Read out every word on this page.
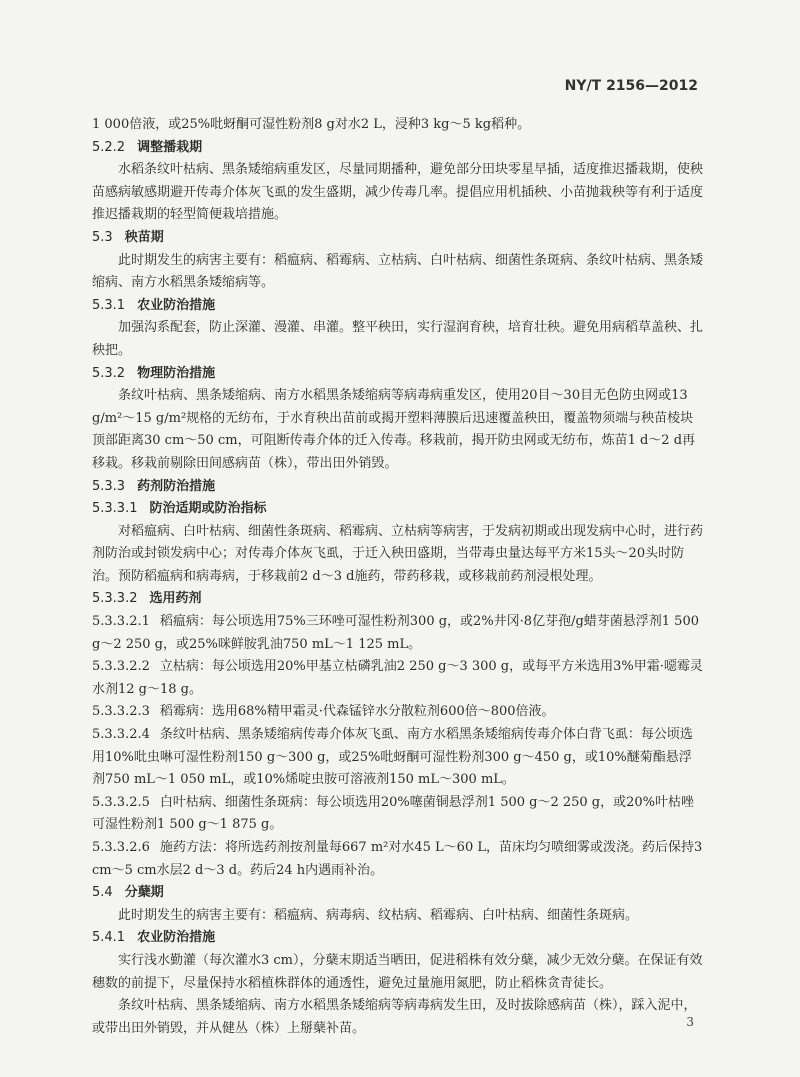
NY/T 2156—2012
1 000倍液，或25%吡蚜酮可湿性粉剂8 g对水2 L，浸种3 kg～5 kg稻种。
5.2.2 调整播栽期
水稻条纹叶枯病、黑条矮缩病重发区，尽量同期播种，避免部分田块零星早插，适度推迟播栽期，使秧苗感病敏感期避开传毒介体灰飞虱的发生盛期，减少传毒几率。提倡应用机插秧、小苗抛栽秧等有利于适度推迟播栽期的轻型简便栽培措施。
5.3 秧苗期
此时期发生的病害主要有：稻瘟病、稻霉病、立枯病、白叶枯病、细菌性条斑病、条纹叶枯病、黑条矮缩病、南方水稻黑条矮缩病等。
5.3.1 农业防治措施
加强沟系配套，防止深灌、漫灌、串灌。整平秧田，实行湿润育秧，培育壮秧。避免用病稻草盖秧、扎秧把。
5.3.2 物理防治措施
条纹叶枯病、黑条矮缩病、南方水稻黑条矮缩病等病毒病重发区，使用20目～30目无色防虫网或13 g/m²～15 g/m²规格的无纺布，于水育秧出苗前或揭开塑料薄膜后迅速覆盖秧田，覆盖物须端与秧苗棱块顶部距离30 cm～50 cm，可阻断传毒介体的迁入传毒。移栽前，揭开防虫网或无纺布，炼苗1 d～2 d再移栽。移栽前剔除田间感病苗（株），带出田外销毁。
5.3.3 药剂防治措施
5.3.3.1 防治适期或防治指标
对稻瘟病、白叶枯病、细菌性条斑病、稻霉病、立枯病等病害，于发病初期或出现发病中心时，进行药剂防治或封锁发病中心；对传毒介体灰飞虱，于迁入秧田盛期，当带毒虫量达每平方米15头～20头时防治。预防稻瘟病和病毒病，于移栽前2 d～3 d施药，带药移栽，或移栽前药剂浸根处理。
5.3.3.2 选用药剂
5.3.3.2.1 稻瘟病：每公顷选用75%三环唑可湿性粉剂300 g，或2%井冈·8亿芽孢/g蜡芽菌悬浮剂1 500 g～2 250 g，或25%咪鲜胺乳油750 mL～1 125 mL。
5.3.3.2.2 立枯病：每公顷选用20%甲基立枯磷乳油2 250 g～3 300 g，或每平方米选用3%甲霜·噁霉灵水剂12 g～18 g。
5.3.3.2.3 稻霉病：选用68%精甲霜灵·代森锰锌水分散粒剂600倍～800倍液。
5.3.3.2.4 条纹叶枯病、黑条矮缩病传毒介体灰飞虱、南方水稻黑条矮缩病传毒介体白背飞虱：每公顷选用10%吡虫啉可湿性粉剂150 g～300 g，或25%吡蚜酮可湿性粉剂300 g～450 g，或10%醚菊酯悬浮剂750 mL～1 050 mL，或10%烯啶虫胺可溶液剂150 mL～300 mL。
5.3.3.2.5 白叶枯病、细菌性条斑病：每公顷选用20%噻菌铜悬浮剂1 500 g～2 250 g，或20%叶枯唑可湿性粉剂1 500 g～1 875 g。
5.3.3.2.6 施药方法：将所选药剂按剂量每667 m²对水45 L～60 L，苗床均匀喷细雾或泼浇。药后保持3 cm～5 cm水层2 d～3 d。药后24 h内遇雨补治。
5.4 分蘖期
此时期发生的病害主要有：稻瘟病、病毒病、纹枯病、稻霉病、白叶枯病、细菌性条斑病。
5.4.1 农业防治措施
实行浅水勤灌（每次灌水3 cm），分蘖末期适当晒田，促进稻株有效分蘖，减少无效分蘖。在保证有效穗数的前提下，尽量保持水稻植株群体的通透性，避免过量施用氮肥，防止稻株贪青徒长。
条纹叶枯病、黑条矮缩病、南方水稻黑条矮缩病等病毒病发生田，及时拔除感病苗（株），踩入泥中，或带出田外销毁，并从健丛（株）上掰蘖补苗。	3
